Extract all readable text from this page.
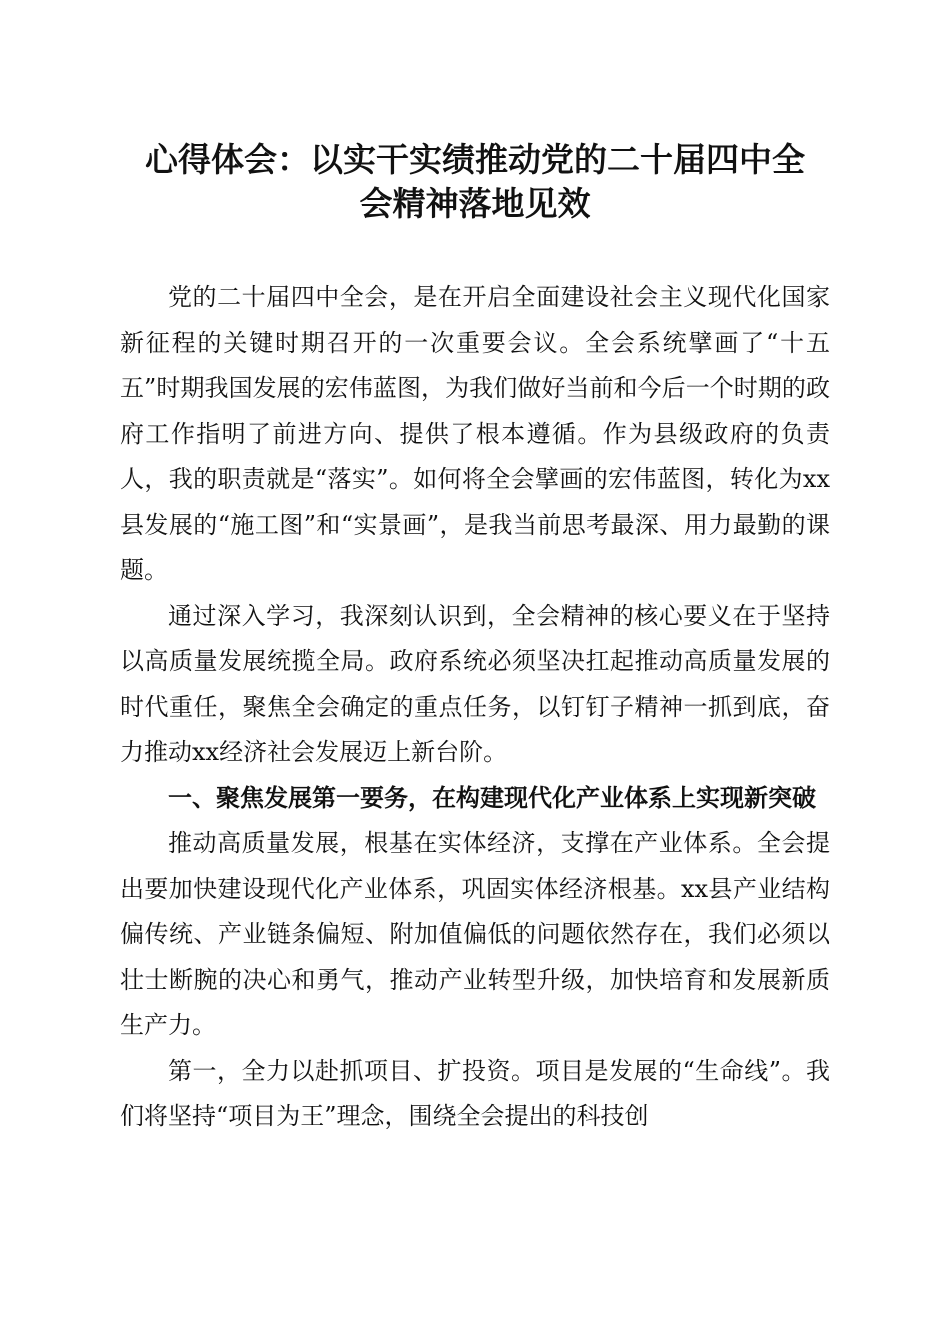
心得体会：以实干实绩推动党的二十届四中全
会精神落地见效

党的二十届四中全会，是在开启全面建设社会主义现代化国家新征程的关键时期召开的一次重要会议。全会系统擘画了“十五五”时期我国发展的宏伟蓝图，为我们做好当前和今后一个时期的政府工作指明了前进方向、提供了根本遵循。作为县级政府的负责人，我的职责就是“落实”。如何将全会擘画的宏伟蓝图，转化为xx县发展的“施工图”和“实景画”，是我当前思考最深、用力最勤的课题。

通过深入学习，我深刻认识到，全会精神的核心要义在于坚持以高质量发展统揽全局。政府系统必须坚决扛起推动高质量发展的时代重任，聚焦全会确定的重点任务，以钉钉子精神一抓到底，奋力推动xx经济社会发展迈上新台阶。

一、聚焦发展第一要务，在构建现代化产业体系上实现新突破

推动高质量发展，根基在实体经济，支撑在产业体系。全会提出要加快建设现代化产业体系，巩固实体经济根基。xx县产业结构偏传统、产业链条偏短、附加值偏低的问题依然存在，我们必须以壮士断腕的决心和勇气，推动产业转型升级，加快培育和发展新质生产力。

第一，全力以赴抓项目、扩投资。项目是发展的“生命线”。我们将坚持“项目为王”理念，围绕全会提出的科技创
